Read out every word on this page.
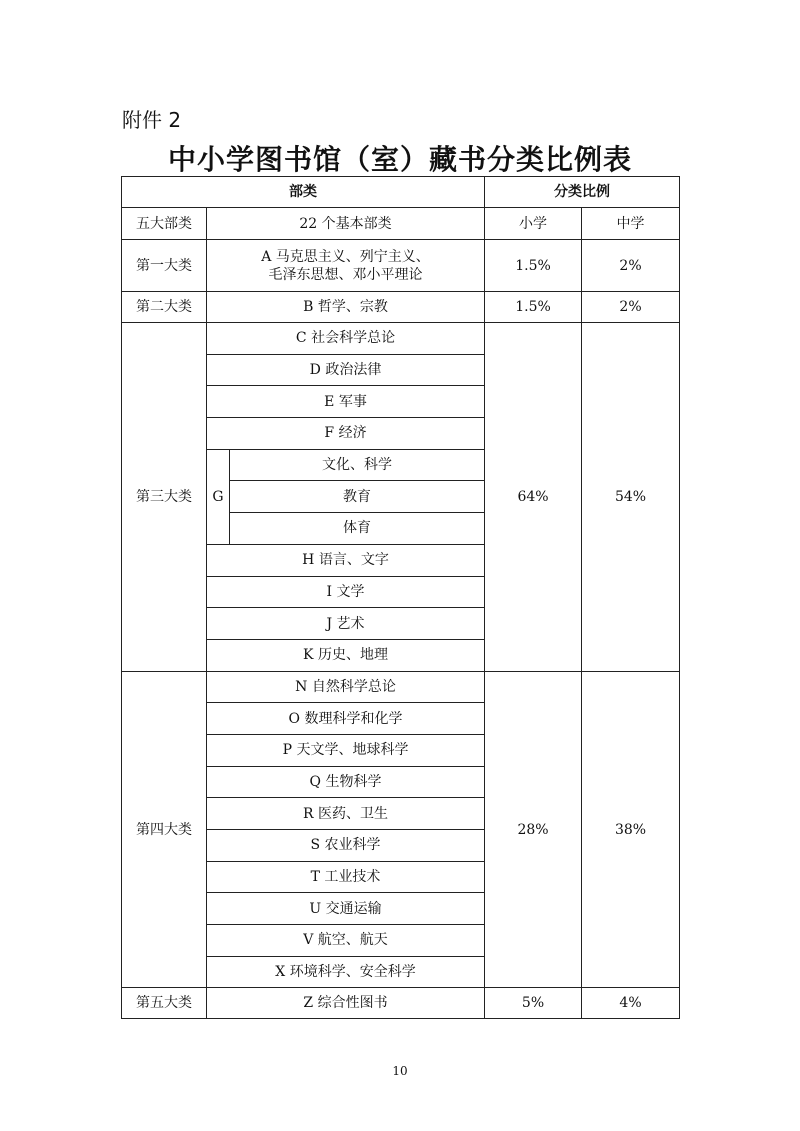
附件 2
中小学图书馆（室）藏书分类比例表
部类			分类比例	
五大部类	22 个基本部类		小学	中学
第一大类	A 马克思主义、列宁主义、
毛泽东思想、邓小平理论		1.5%	2%
第二大类	B 哲学、宗教		1.5%	2%
第三大类	C 社会科学总论		64%	54%
	D 政治法律			
	E 军事			
	F 经济			
	G	文化、科学		
		教育		
		体育		
	H 语言、文字			
	I 文学			
	J 艺术			
	K 历史、地理			
第四大类	N 自然科学总论		28%	38%
	O 数理科学和化学			
	P 天文学、地球科学			
	Q 生物科学			
	R 医药、卫生			
	S 农业科学			
	T 工业技术			
	U 交通运输			
	V 航空、航天			
	X 环境科学、安全科学			
第五大类	Z 综合性图书		5%	4%
10
